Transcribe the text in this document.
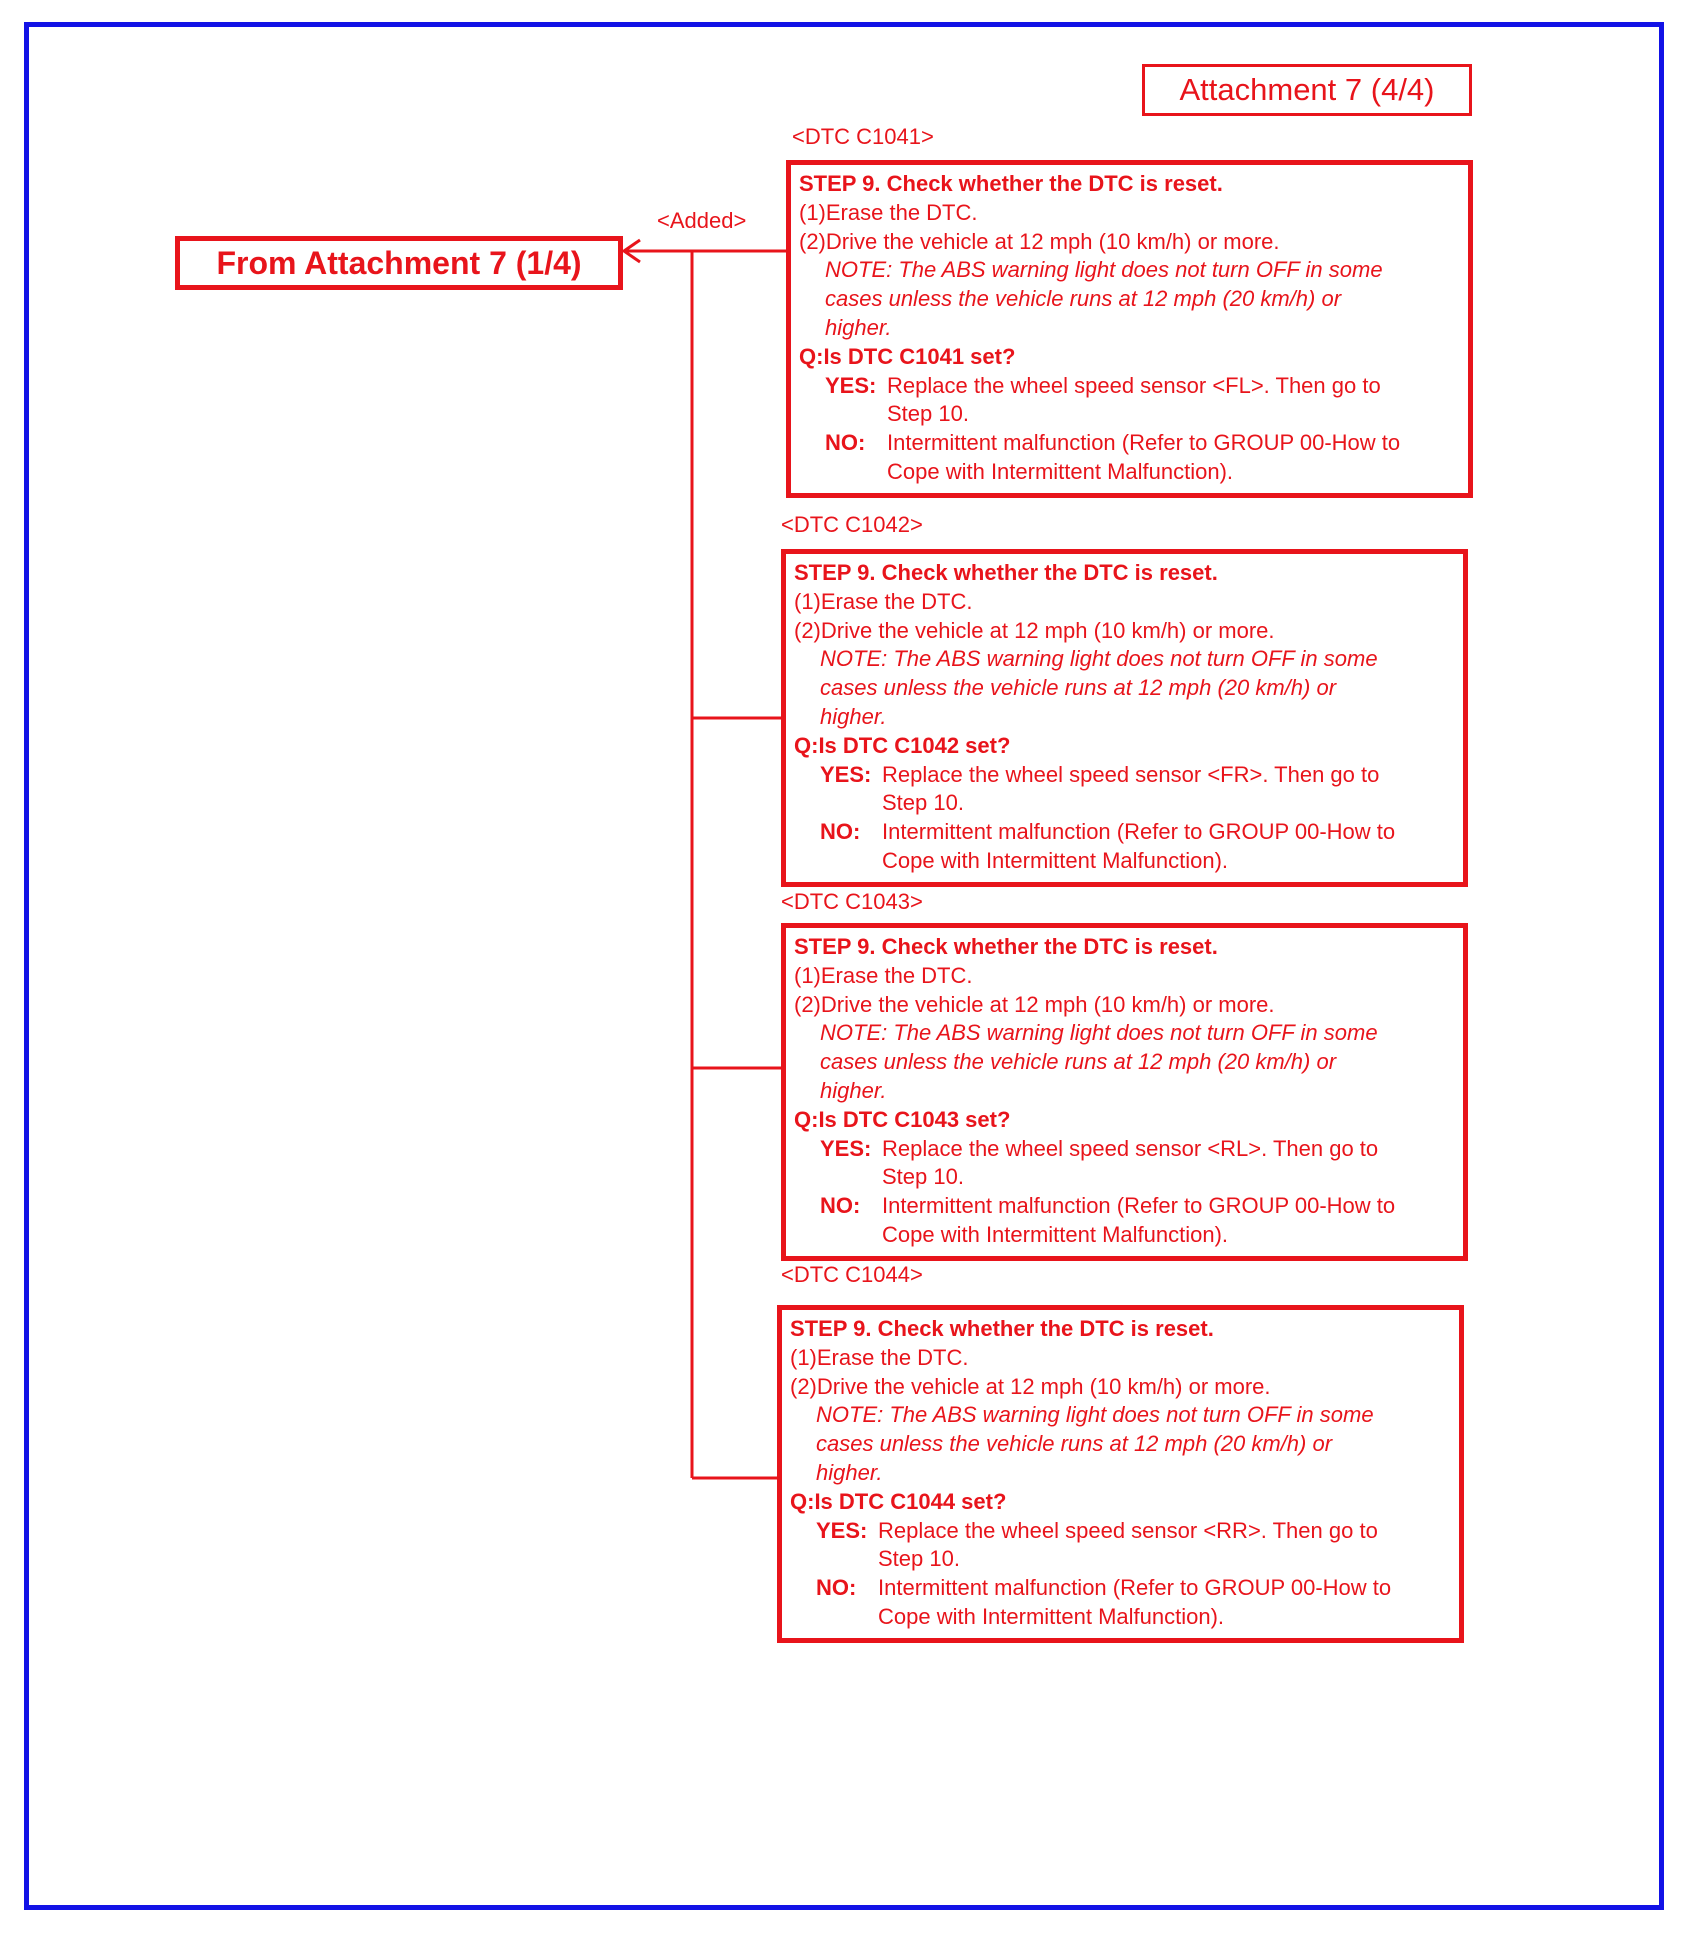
Attachment 7 (4/4)
From Attachment 7 (1/4)
<Added>
<DTC C1041>
STEP 9. Check whether the DTC is reset.
(1)Erase the DTC.
(2)Drive the vehicle at 12 mph (10 km/h) or more.
NOTE: The ABS warning light does not turn OFF in some
cases unless the vehicle runs at 12 mph (20 km/h) or
higher.
Q:Is DTC C1041 set?
YES: Replace the wheel speed sensor <FL>. Then go to
Step 10.
NO: Intermittent malfunction (Refer to GROUP 00-How to
Cope with Intermittent Malfunction).
<DTC C1042>
STEP 9. Check whether the DTC is reset.
(1)Erase the DTC.
(2)Drive the vehicle at 12 mph (10 km/h) or more.
NOTE: The ABS warning light does not turn OFF in some
cases unless the vehicle runs at 12 mph (20 km/h) or
higher.
Q:Is DTC C1042 set?
YES: Replace the wheel speed sensor <FR>. Then go to
Step 10.
NO: Intermittent malfunction (Refer to GROUP 00-How to
Cope with Intermittent Malfunction).
<DTC C1043>
STEP 9. Check whether the DTC is reset.
(1)Erase the DTC.
(2)Drive the vehicle at 12 mph (10 km/h) or more.
NOTE: The ABS warning light does not turn OFF in some
cases unless the vehicle runs at 12 mph (20 km/h) or
higher.
Q:Is DTC C1043 set?
YES: Replace the wheel speed sensor <RL>. Then go to
Step 10.
NO: Intermittent malfunction (Refer to GROUP 00-How to
Cope with Intermittent Malfunction).
<DTC C1044>
STEP 9. Check whether the DTC is reset.
(1)Erase the DTC.
(2)Drive the vehicle at 12 mph (10 km/h) or more.
NOTE: The ABS warning light does not turn OFF in some
cases unless the vehicle runs at 12 mph (20 km/h) or
higher.
Q:Is DTC C1044 set?
YES: Replace the wheel speed sensor <RR>. Then go to
Step 10.
NO: Intermittent malfunction (Refer to GROUP 00-How to
Cope with Intermittent Malfunction).
